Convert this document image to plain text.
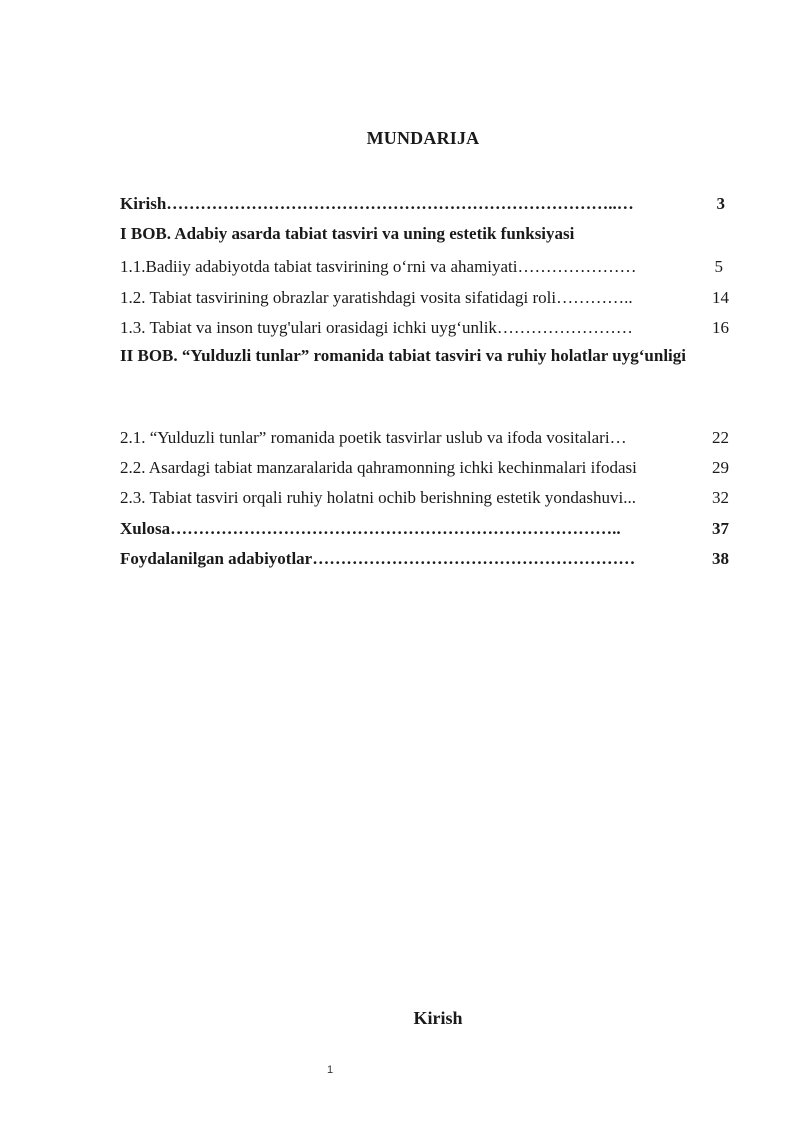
MUNDARIJA
Kirish……………………………………………………………………..…	3
I BOB. Adabiy asarda tabiat tasviri va uning estetik funksiyasi
1.1.Badiiy adabiyotda tabiat tasvirining o‘rni va ahamiyati…………………	5
1.2. Tabiat tasvirining obrazlar yaratishdagi vosita sifatidagi roli…………..	14
1.3. Tabiat va inson tuyg'ulari orasidagi ichki uyg‘unlik……………………	16
II BOB. “Yulduzli tunlar” romanida tabiat tasviri va ruhiy holatlar uyg‘unligi
2.1. “Yulduzli tunlar” romanida poetik tasvirlar uslub va ifoda vositalari…	22
2.2. Asardagi tabiat manzaralarida qahramonning ichki kechinmalari ifodasi	29
2.3. Tabiat tasviri orqali ruhiy holatni ochib berishning estetik yondashuvi...	32
Xulosa……………………………………………………………………..	37
Foydalanilgan adabiyotlar…………………………………………………	38
Kirish
1
